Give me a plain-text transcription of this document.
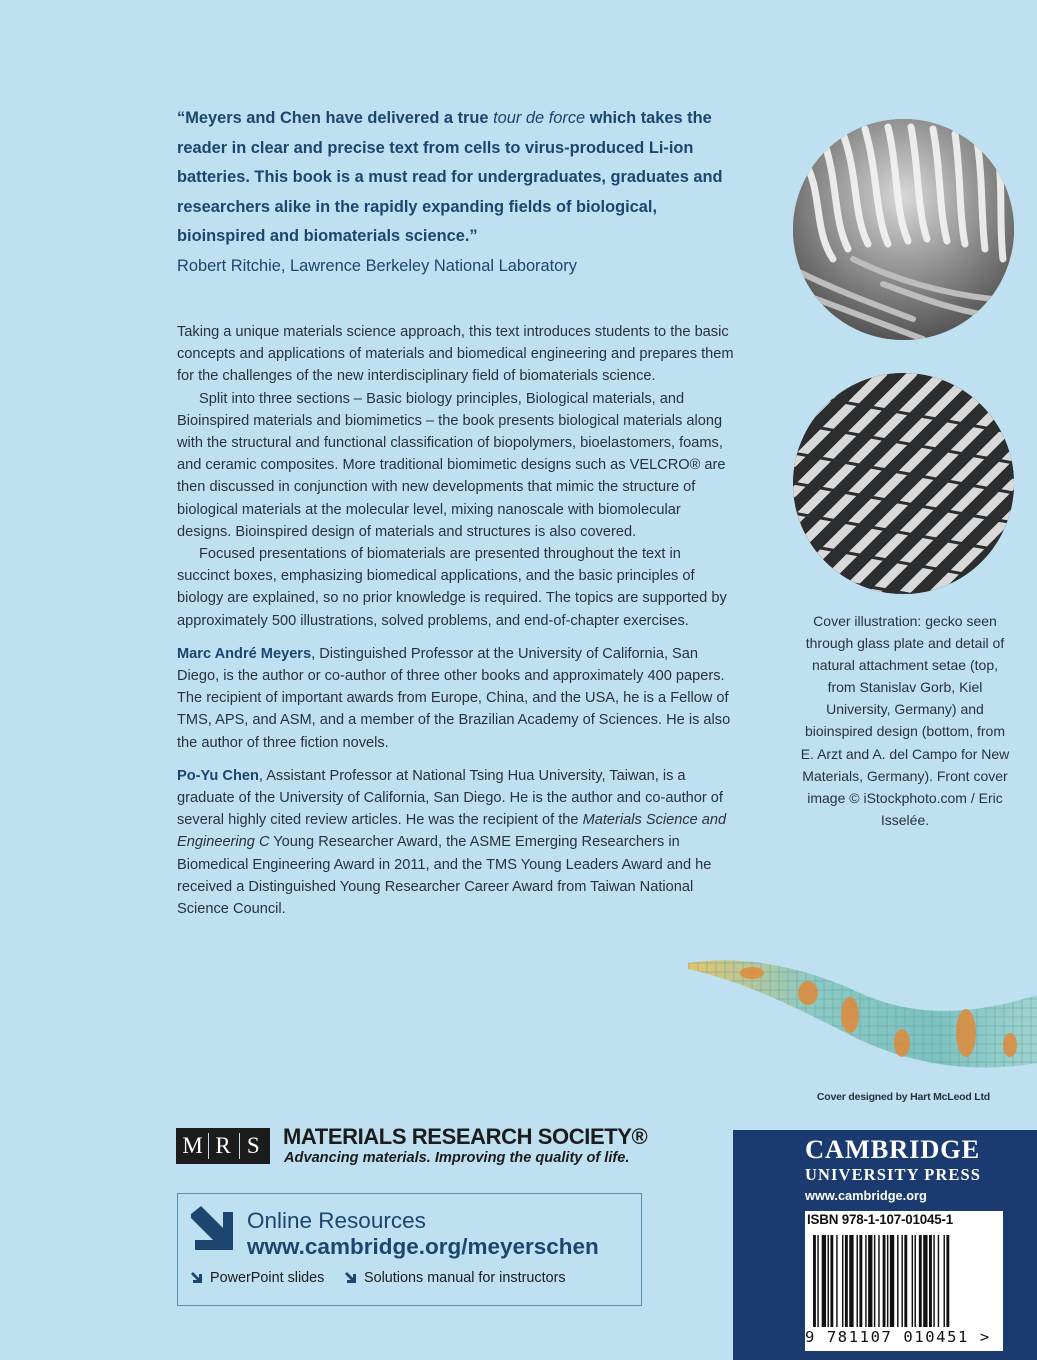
“Meyers and Chen have delivered a true tour de force which takes the reader in clear and precise text from cells to virus-produced Li-ion batteries. This book is a must read for undergraduates, graduates and researchers alike in the rapidly expanding fields of biological, bioinspired and biomaterials science.”

Robert Ritchie, Lawrence Berkeley National Laboratory

Taking a unique materials science approach, this text introduces students to the basic concepts and applications of materials and biomedical engineering and prepares them for the challenges of the new interdisciplinary field of biomaterials science.

Split into three sections – Basic biology principles, Biological materials, and Bioinspired materials and biomimetics – the book presents biological materials along with the structural and functional classification of biopolymers, bioelastomers, foams, and ceramic composites. More traditional biomimetic designs such as VELCRO® are then discussed in conjunction with new developments that mimic the structure of biological materials at the molecular level, mixing nanoscale with biomolecular designs. Bioinspired design of materials and structures is also covered.

Focused presentations of biomaterials are presented throughout the text in succinct boxes, emphasizing biomedical applications, and the basic principles of biology are explained, so no prior knowledge is required. The topics are supported by approximately 500 illustrations, solved problems, and end-of-chapter exercises.

Marc André Meyers, Distinguished Professor at the University of California, San Diego, is the author or co-author of three other books and approximately 400 papers. The recipient of important awards from Europe, China, and the USA, he is a Fellow of TMS, APS, and ASM, and a member of the Brazilian Academy of Sciences. He is also the author of three fiction novels.

Po-Yu Chen, Assistant Professor at National Tsing Hua University, Taiwan, is a graduate of the University of California, San Diego. He is the author and co-author of several highly cited review articles. He was the recipient of the Materials Science and Engineering C Young Researcher Award, the ASME Emerging Researchers in Biomedical Engineering Award in 2011, and the TMS Young Leaders Award and he received a Distinguished Young Researcher Career Award from Taiwan National Science Council.

Cover illustration: gecko seen through glass plate and detail of natural attachment setae (top, from Stanislav Gorb, Kiel University, Germany) and bioinspired design (bottom, from E. Arzt and A. del Campo for New Materials, Germany). Front cover image © iStockphoto.com / Eric Isselée.
Cover designed by Hart McLeod Ltd
M R S	MATERIALS RESEARCH SOCIETY®
Advancing materials. Improving the quality of life.
Online Resources
www.cambridge.org/meyerschen
PowerPoint slides	Solutions manual for instructors
CAMBRIDGE
UNIVERSITY PRESS
www.cambridge.org
ISBN 978-1-107-01045-1
9 781107 010451 >
